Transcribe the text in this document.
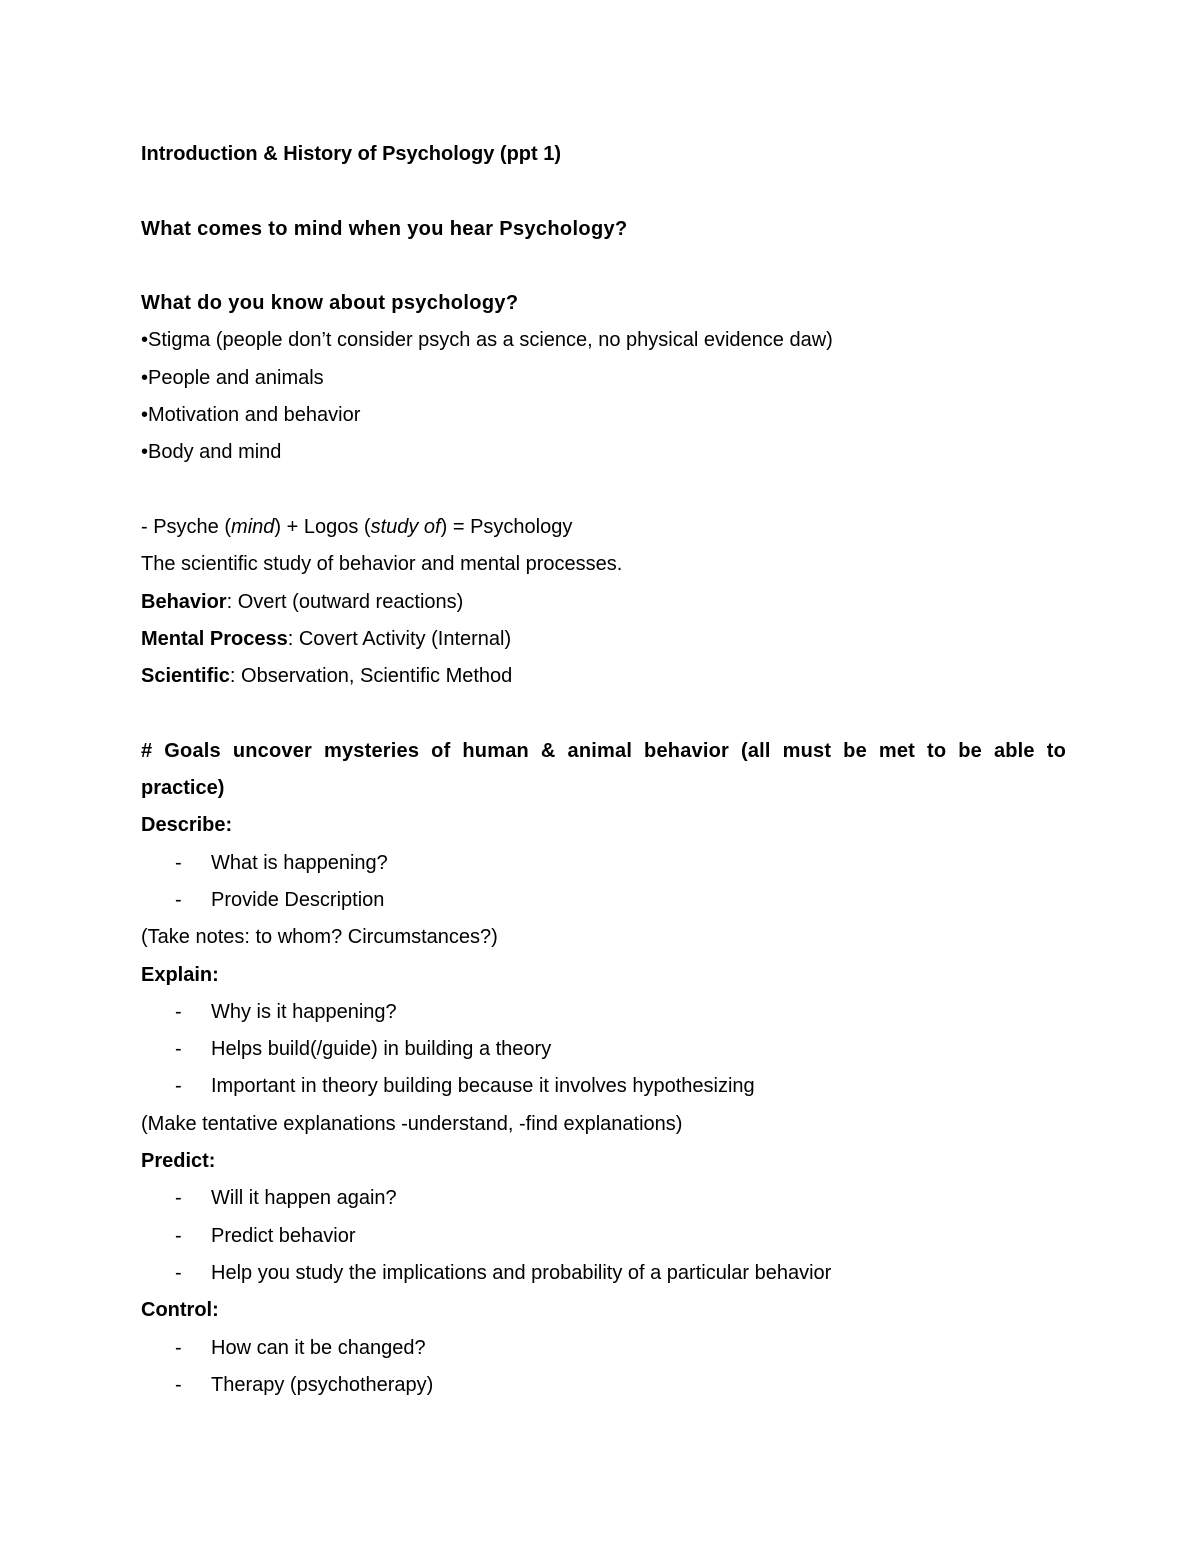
Introduction & History of Psychology (ppt 1)
What comes to mind when you hear Psychology?
What do you know about psychology?
•Stigma (people don’t consider psych as a science, no physical evidence daw)
•People and animals
•Motivation and behavior
•Body and mind
- Psyche (mind) + Logos (study of) = Psychology
The scientific study of behavior and mental processes.
Behavior: Overt (outward reactions)
Mental Process: Covert Activity (Internal)
Scientific: Observation, Scientific Method
# Goals uncover mysteries of human & animal behavior (all must be met to be able to
practice)
Describe:
- What is happening?
- Provide Description
(Take notes: to whom? Circumstances?)
Explain:
- Why is it happening?
- Helps build(/guide) in building a theory
- Important in theory building because it involves hypothesizing
(Make tentative explanations -understand, -find explanations)
Predict:
- Will it happen again?
- Predict behavior
- Help you study the implications and probability of a particular behavior
Control:
- How can it be changed?
- Therapy (psychotherapy)
